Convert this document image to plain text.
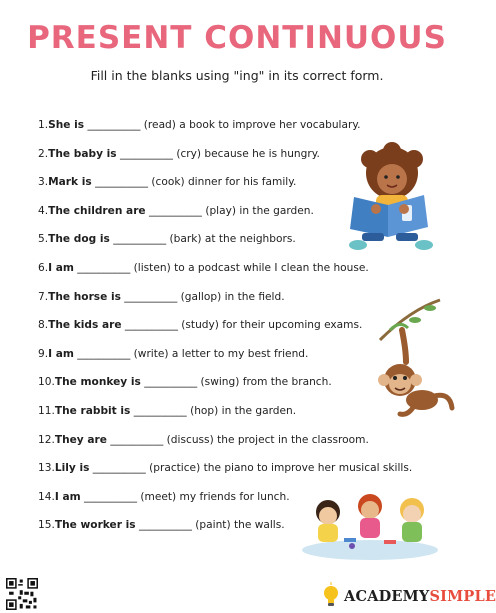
PRESENT CONTINUOUS
Fill in the blanks using "ing" in its correct form.
1.She is __________ (read) a book to improve her vocabulary.
2.The baby is __________ (cry) because he is hungry.
3.Mark is __________ (cook) dinner for his family.
4.The children are __________ (play) in the garden.
5.The dog is __________ (bark) at the neighbors.
6.I am __________ (listen) to a podcast while I clean the house.
7.The horse is __________ (gallop) in the field.
8.The kids are __________ (study) for their upcoming exams.
9.I am __________ (write) a letter to my best friend.
10.The monkey is __________ (swing) from the branch.
11.The rabbit is __________ (hop) in the garden.
12.They are __________ (discuss) the project in the classroom.
13.Lily is __________ (practice) the piano to improve her musical skills.
14.I am __________ (meet) my friends for lunch.
15.The worker is __________ (paint) the walls.
ACADEMY SIMPLE
